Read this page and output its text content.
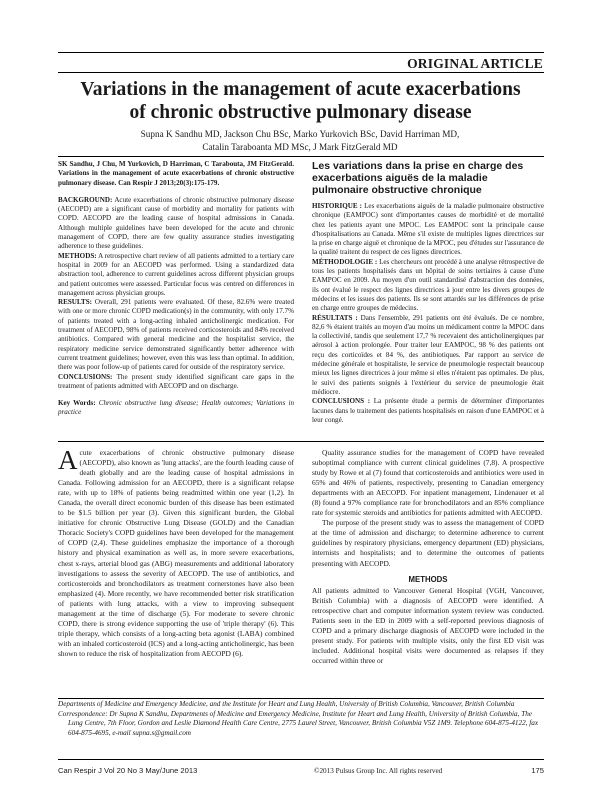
ORIGINAL ARTICLE
Variations in the management of acute exacerbations
of chronic obstructive pulmonary disease
Supna K Sandhu MD, Jackson Chu BSc, Marko Yurkovich BSc, David Harriman MD,
Catalin Taraboanta MD MSc, J Mark FitzGerald MD

SK Sandhu, J Chu, M Yurkovich, D Harriman, C Tarabouta, JM FitzGerald. Variations in the management of acute exacerbations of chronic obstructive pulmonary disease. Can Respir J 2013;20(3):175-179.

BACKGROUND: Acute exacerbations of chronic obstructive pulmonary disease (AECOPD) are a significant cause of morbidity and mortality for patients with COPD. AECOPD are the leading cause of hospital admissions in Canada. Although multiple guidelines have been developed for the acute and chronic management of COPD, there are few quality assurance studies investigating adherence to these guidelines.

METHODS: A retrospective chart review of all patients admitted to a tertiary care hospital in 2009 for an AECOPD was performed. Using a standardized data abstraction tool, adherence to current guidelines across different physician groups and patient outcomes were assessed. Particular focus was centred on differences in management across physician groups.

RESULTS: Overall, 291 patients were evaluated. Of these, 82.6% were treated with one or more chronic COPD medication(s) in the community, with only 17.7% of patients treated with a long-acting inhaled anticholinergic medication. For treatment of AECOPD, 98% of patients received corticosteroids and 84% received antibiotics. Compared with general medicine and the hospitalist service, the respiratory medicine service demonstrated significantly better adherence with current treatment guidelines; however, even this was less than optimal. In addition, there was poor follow-up of patients cared for outside of the respiratory service.

CONCLUSIONS: The present study identified significant care gaps in the treatment of patients admitted with AECOPD and on discharge.

Key Words: Chronic obstructive lung disease; Health outcomes; Variations in practice

Les variations dans la prise en charge des exacerbations aiguës de la maladie pulmonaire obstructive chronique

HISTORIQUE : Les exacerbations aiguës de la maladie pulmonaire obstructive chronique (EAMPOC) sont d'importantes causes de morbidité et de mortalité chez les patients ayant une MPOC. Les EAMPOC sont la principale cause d'hospitalisations au Canada. Même s'il existe de multiples lignes directrices sur la prise en charge aiguë et chronique de la MPOC, peu d'études sur l'assurance de la qualité traitent du respect de ces lignes directrices.

MÉTHODOLOGIE : Les chercheurs ont procédé à une analyse rétrospective de tous les patients hospitalisés dans un hôpital de soins tertiaires à cause d'une EAMPOC en 2009. Au moyen d'un outil standardisé d'abstraction des données, ils ont évalué le respect des lignes directrices à jour entre les divers groupes de médecins et les issues des patients. Ils se sont attardés sur les différences de prise en charge entre groupes de médecins.

RÉSULTATS : Dans l'ensemble, 291 patients ont été évalués. De ce nombre, 82,6 % étaient traités au moyen d'au moins un médicament contre la MPOC dans la collectivité, tandis que seulement 17,7 % recevaient des anticholinergiques par aérosol à action prolongée. Pour traiter leur EAMPOC, 98 % des patients ont reçu des corticoïdes et 84 %, des antibiotiques. Par rapport au service de médecine générale et hospitaliste, le service de pneumologie respectait beaucoup mieux les lignes directrices à jour même si elles n'étaient pas optimales. De plus, le suivi des patients soignés à l'extérieur du service de pneumologie était médiocre.

CONCLUSIONS : La présente étude a permis de déterminer d'importantes lacunes dans le traitement des patients hospitalisés en raison d'une EAMPOC et à leur congé.

Acute exacerbations of chronic obstructive pulmonary disease (AECOPD), also known as 'lung attacks', are the fourth leading cause of death globally and are the leading cause of hospital admissions in Canada. Following admission for an AECOPD, there is a significant relapse rate, with up to 18% of patients being readmitted within one year (1,2). In Canada, the overall direct economic burden of this disease has been estimated to be $1.5 billion per year (3). Given this significant burden, the Global initiative for chronic Obstructive Lung Disease (GOLD) and the Canadian Thoracic Society's COPD guidelines have been developed for the management of COPD (2,4). These guidelines emphasize the importance of a thorough history and physical examination as well as, in more severe exacerbations, chest x-rays, arterial blood gas (ABG) measurements and additional laboratory investigations to assess the severity of AECOPD. The use of antibiotics, and corticosteroids and bronchodilators as treatment cornerstones have also been emphasized (4). More recently, we have recommended better risk stratification of patients with lung attacks, with a view to improving subsequent management at the time of discharge (5). For moderate to severe chronic COPD, there is strong evidence supporting the use of 'triple therapy' (6). This triple therapy, which consists of a long-acting beta agonist (LABA) combined with an inhaled corticosteroid (ICS) and a long-acting anticholinergic, has been shown to reduce the risk of hospitalization from AECOPD (6).

Quality assurance studies for the management of COPD have revealed suboptimal compliance with current clinical guidelines (7,8). A prospective study by Rowe et al (7) found that corticosteroids and antibiotics were used in 65% and 46% of patients, respectively, presenting to Canadian emergency departments with an AECOPD. For inpatient management, Lindenauer et al (8) found a 97% compliance rate for bronchodilators and an 85% compliance rate for systemic steroids and antibiotics for patients admitted with AECOPD.

The purpose of the present study was to assess the management of COPD at the time of admission and discharge; to determine adherence to current guidelines by respiratory physicians, emergency department (ED) physicians, internists and hospitalists; and to determine the outcomes of patients presenting with AECOPD.

METHODS

All patients admitted to Vancouver General Hospital (VGH, Vancouver, British Columbia) with a diagnosis of AECOPD were identified. A retrospective chart and computer information system review was conducted. Patients seen in the ED in 2009 with a self-reported previous diagnosis of COPD and a primary discharge diagnosis of AECOPD were included in the present study. For patients with multiple visits, only the first ED visit was included. Additional hospital visits were documented as relapses if they occurred within three or

Departments of Medicine and Emergency Medicine, and the Institute for Heart and Lung Health, University of British Columbia, Vancouver, British Columbia

Correspondence: Dr Supna K Sandhu, Departments of Medicine and Emergency Medicine, Institute for Heart and Lung Health, University of British Columbia, The Lung Centre, 7th Floor, Gordon and Leslie Diamond Health Care Centre, 2775 Laurel Street, Vancouver, British Columbia V5Z 1M9. Telephone 604-875-4122, fax 604-875-4695, e-mail supna.s@gmail.com

Can Respir J Vol 20 No 3 May/June 2013	©2013 Pulsus Group Inc. All rights reserved	175
